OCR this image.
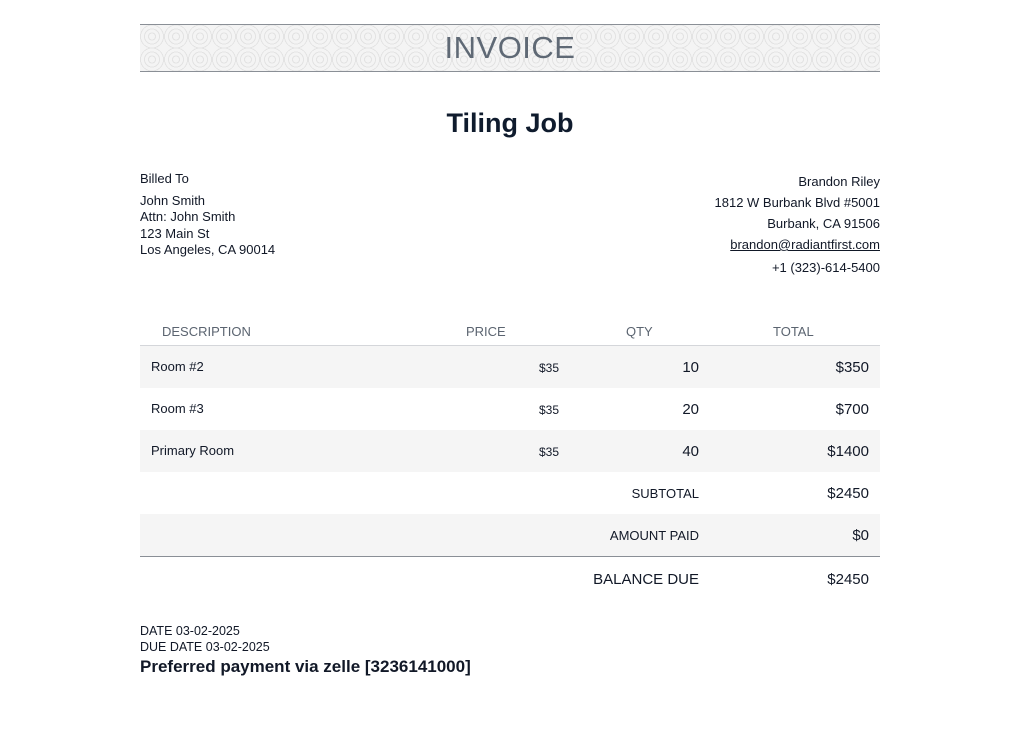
INVOICE
Tiling Job
Billed To
John Smith
Attn: John Smith
123 Main St
Los Angeles, CA 90014
Brandon Riley
1812 W Burbank Blvd #5001
Burbank, CA 91506
brandon@radiantfirst.com
+1 (323)-614-5400
DESCRIPTION	PRICE	QTY	TOTAL
Room #2	$35	10	$350
Room #3	$35	20	$700
Primary Room	$35	40	$1400
SUBTOTAL	$2450
AMOUNT PAID	$0
BALANCE DUE	$2450
DATE 03-02-2025
DUE DATE 03-02-2025
Preferred payment via zelle [3236141000]
